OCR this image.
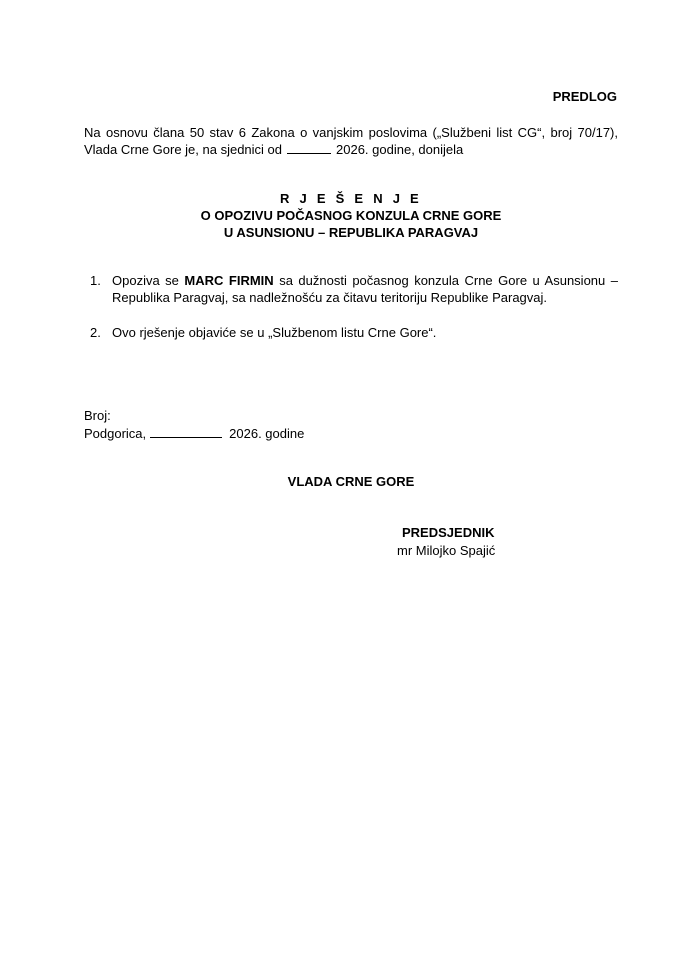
PREDLOG
Na osnovu člana 50 stav 6 Zakona o vanjskim poslovima („Službeni list CG“, broj 70/17), Vlada Crne Gore je, na sjednici od	2026. godine, donijela
R J E Š E N J E
O OPOZIVU POČASNOG KONZULA CRNE GORE
U ASUNSIONU – REPUBLIKA PARAGVAJ
1. Opoziva se MARC FIRMIN sa dužnosti počasnog konzula Crne Gore u Asunsionu – Republika Paragvaj, sa nadležnošću za čitavu teritoriju Republike Paragvaj.
2. Ovo rješenje objaviće se u „Službenom listu Crne Gore“.
Broj:
Podgorica,	2026. godine
VLADA CRNE GORE
PREDSJEDNIK
mr Milojko Spajić
